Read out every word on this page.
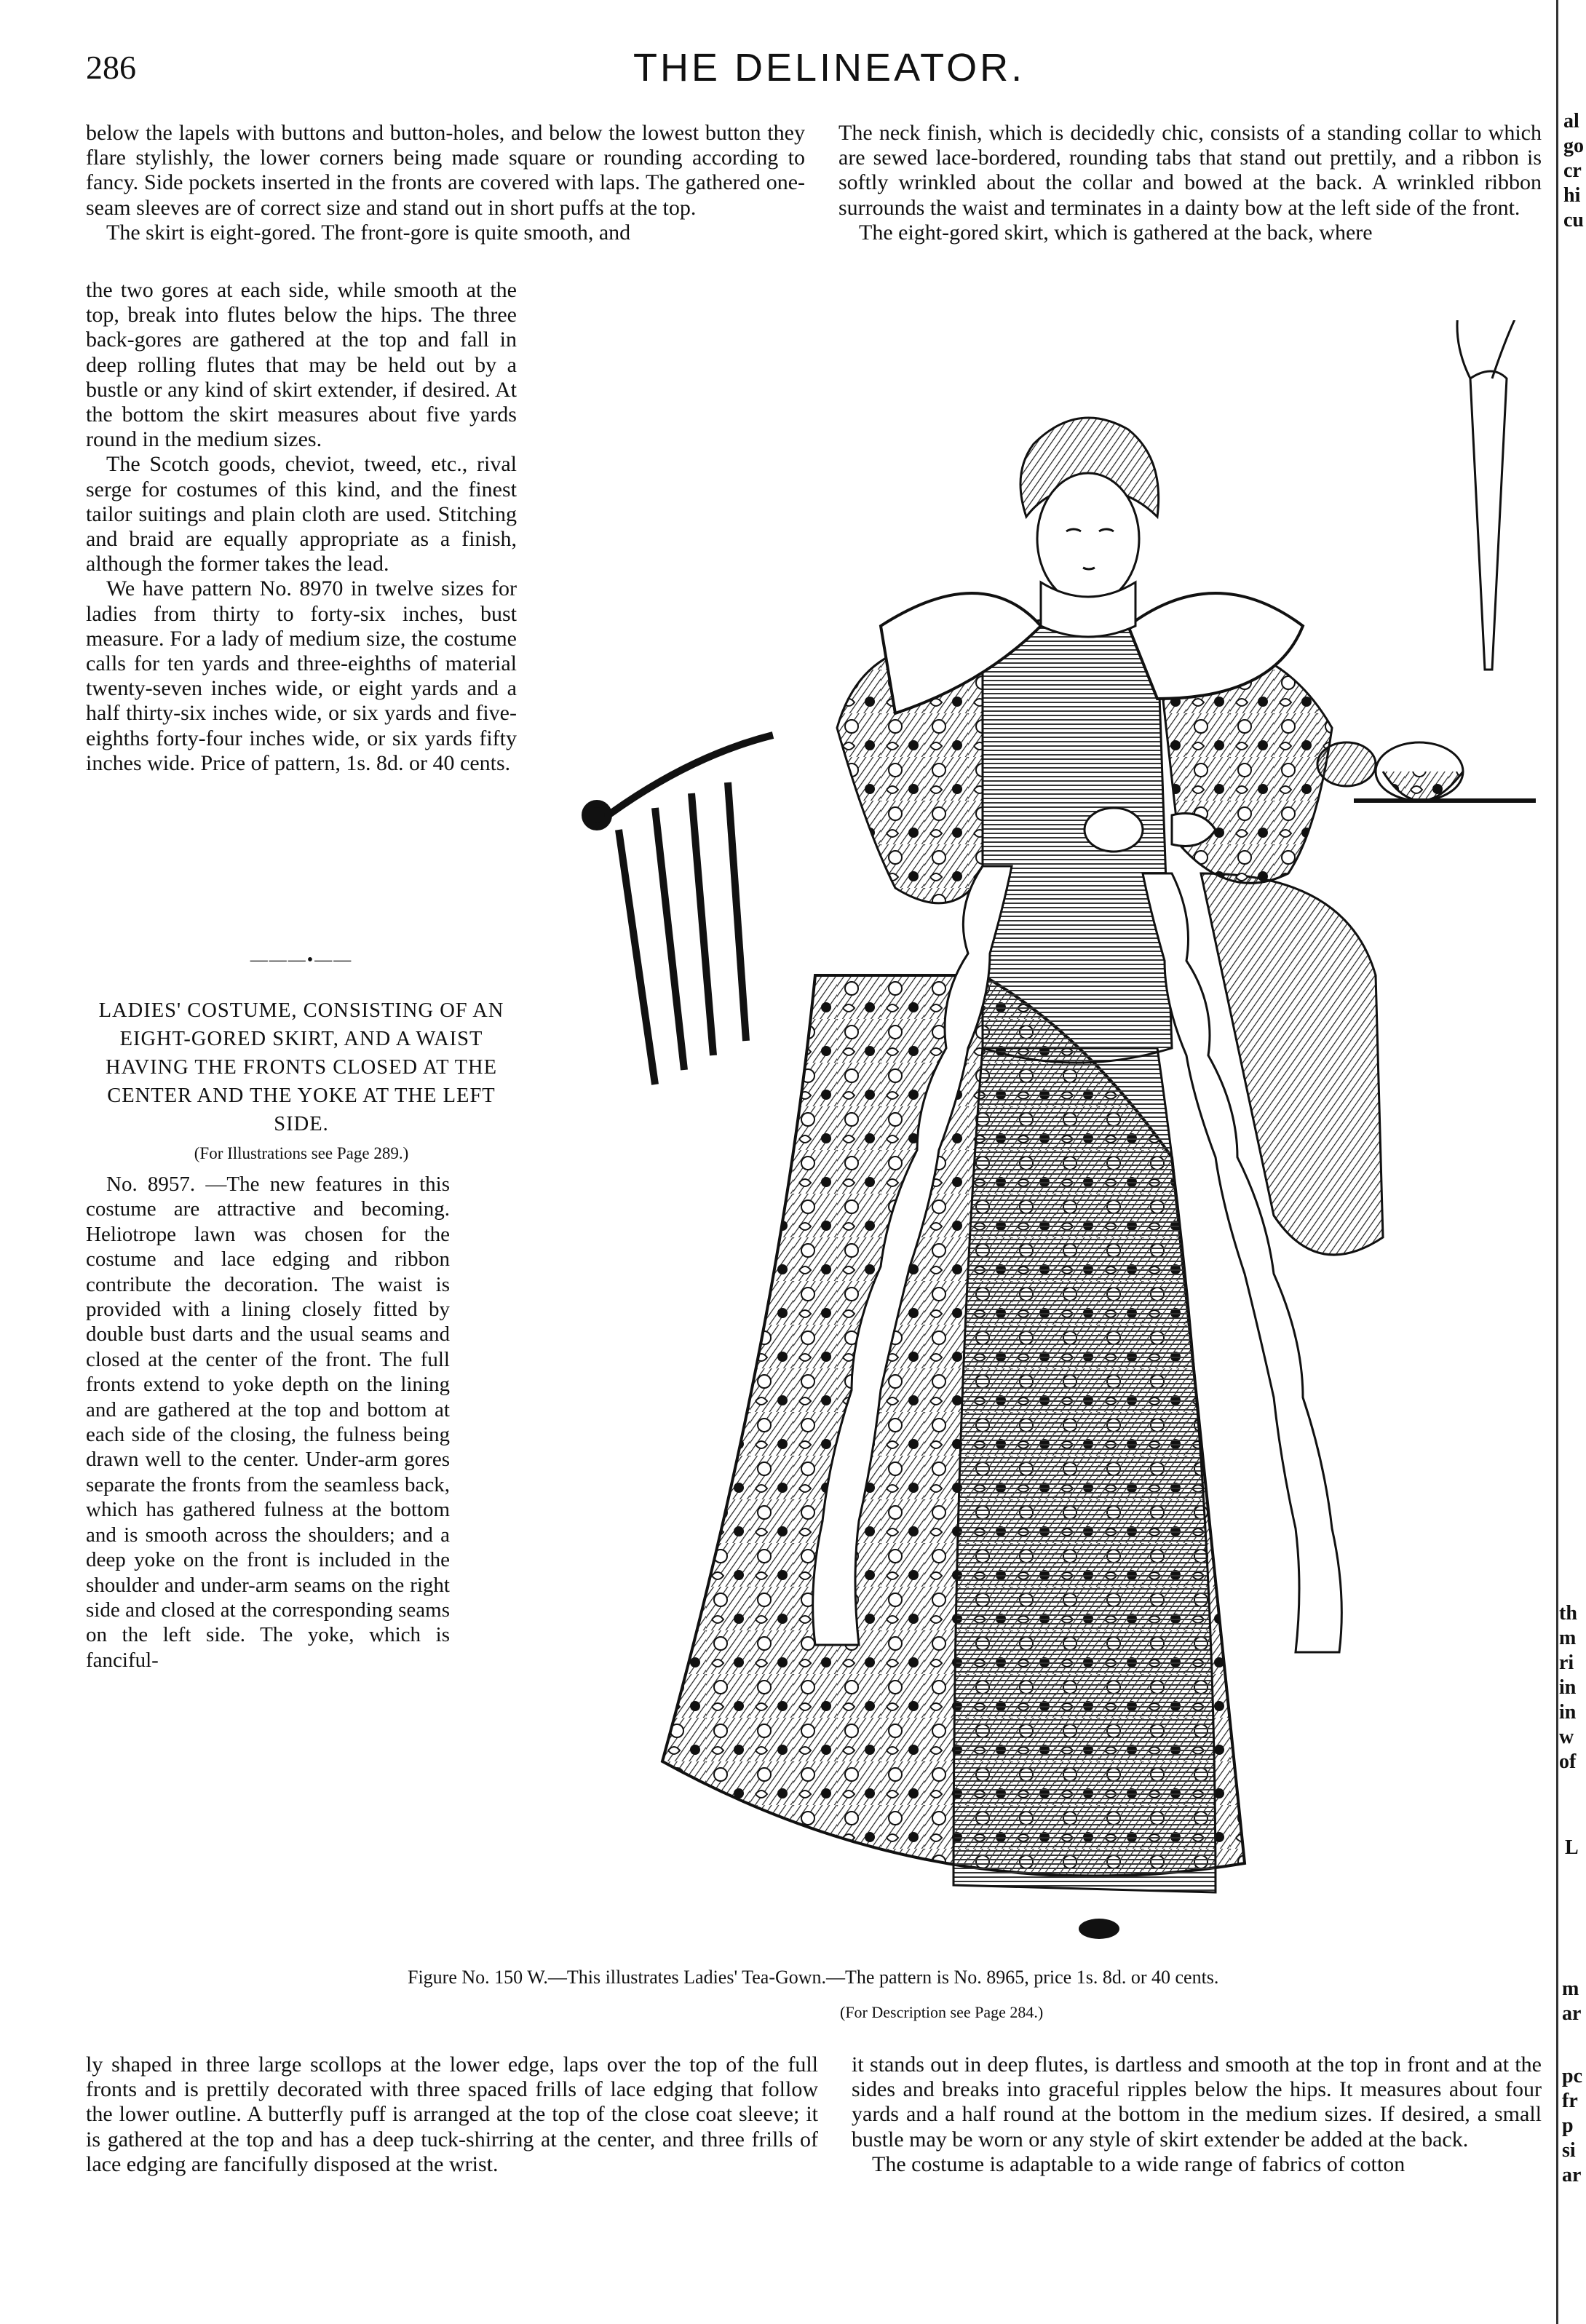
286	THE DELINEATOR.

below the lapels with buttons and button-holes, and below the lowest button they flare stylishly, the lower corners being made square or rounding according to fancy. Side pockets inserted in the fronts are covered with laps. The gathered one-seam sleeves are of correct size and stand out in short puffs at the top.

The skirt is eight-gored. The front-gore is quite smooth, and

the two gores at each side, while smooth at the top, break into flutes below the hips. The three back-gores are gathered at the top and fall in deep rolling flutes that may be held out by a bustle or any kind of skirt extender, if desired. At the bottom the skirt measures about five yards round in the medium sizes.

The Scotch goods, cheviot, tweed, etc., rival serge for costumes of this kind, and the finest tailor suitings and plain cloth are used. Stitching and braid are equally appropriate as a finish, although the former takes the lead.

We have pattern No. 8970 in twelve sizes for ladies from thirty to forty-six inches, bust measure. For a lady of medium size, the costume calls for ten yards and three-eighths of material twenty-seven inches wide, or eight yards and a half thirty-six inches wide, or six yards and five-eighths forty-four inches wide, or six yards fifty inches wide. Price of pattern, 1s. 8d. or 40 cents.

———•——
LADIES' COSTUME, CONSISTING OF AN EIGHT-GORED SKIRT, AND A WAIST HAVING THE FRONTS CLOSED AT THE CENTER AND THE YOKE AT THE LEFT SIDE.
(For Illustrations see Page 289.)

No. 8957. —The new features in this costume are attractive and becoming. Heliotrope lawn was chosen for the costume and lace edging and ribbon contribute the decoration. The waist is provided with a lining closely fitted by double bust darts and the usual seams and closed at the center of the front. The full fronts extend to yoke depth on the lining and are gathered at the top and bottom at each side of the closing, the fulness being drawn well to the center. Under-arm gores separate the fronts from the seamless back, which has gathered fulness at the bottom and is smooth across the shoulders; and a deep yoke on the front is included in the shoulder and under-arm seams on the right side and closed at the corresponding seams on the left side. The yoke, which is fanciful-

ly shaped in three large scollops at the lower edge, laps over the top of the full fronts and is prettily decorated with three spaced frills of lace edging that follow the lower outline. A butterfly puff is arranged at the top of the close coat sleeve; it is gathered at the top and has a deep tuck-shirring at the center, and three frills of lace edging are fancifully disposed at the wrist.

The neck finish, which is decidedly chic, consists of a standing collar to which are sewed lace-bordered, rounding tabs that stand out prettily, and a ribbon is softly wrinkled about the collar and bowed at the back. A wrinkled ribbon surrounds the waist and terminates in a dainty bow at the left side of the front.

The eight-gored skirt, which is gathered at the back, where

it stands out in deep flutes, is dartless and smooth at the top in front and at the sides and breaks into graceful ripples below the hips. It measures about four yards and a half round at the bottom in the medium sizes. If desired, a small bustle may be worn or any style of skirt extender be added at the back.

The costume is adaptable to a wide range of fabrics of cotton

Figure No. 150 W.—This illustrates Ladies' Tea-Gown.—The pattern is No. 8965, price 1s. 8d. or 40 cents.
(For Description see Page 284.)
al
go
cr
hi
cu
th
m
ri
in
in
w
of
L
m
ar
pc
fr
p
si
ar
